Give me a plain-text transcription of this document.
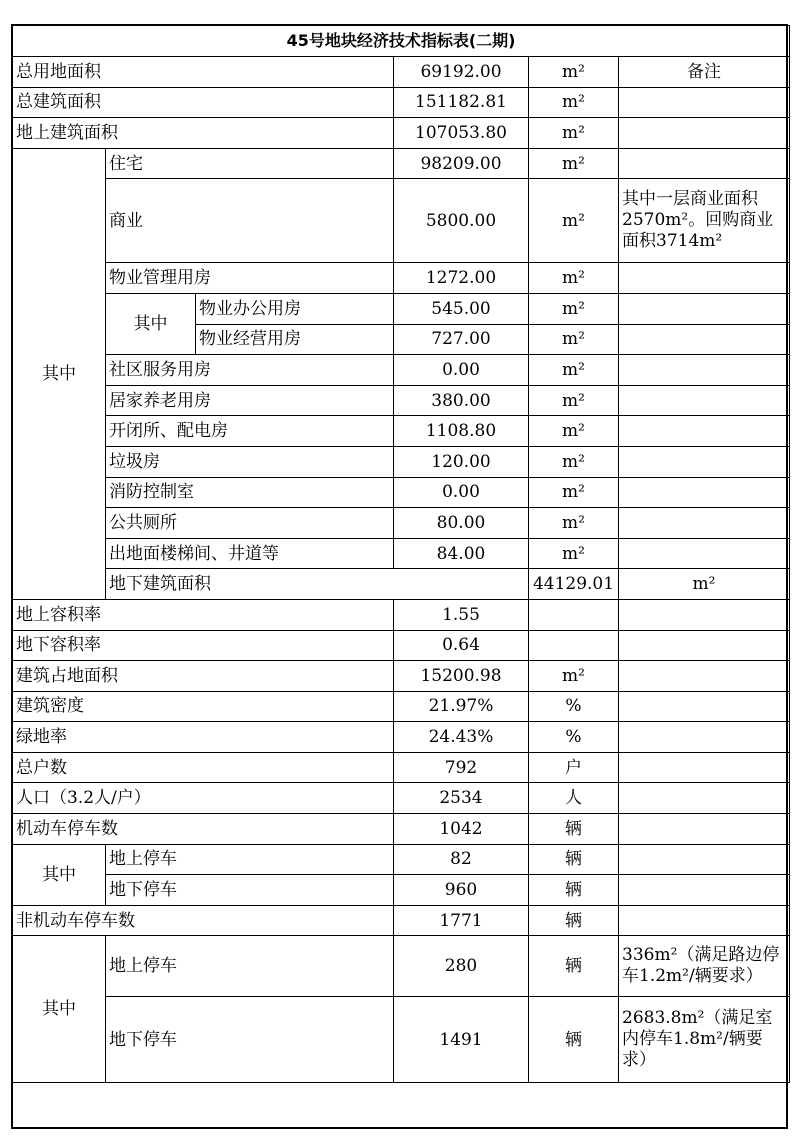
45号地块经济技术指标表(二期)						
总用地面积			69192.00	m²	备注	
总建筑面积			151182.81	m²		
地上建筑面积			107053.80	m²		
其中	住宅		98209.00	m²		
	商业		5800.00	m²	其中一层商业面积2570m²。回购商业面积3714m²	
	物业管理用房		1272.00	m²		
	其中	物业办公用房	545.00	m²		
		物业经营用房	727.00	m²		
	社区服务用房		0.00	m²		
	居家养老用房		380.00	m²		
	开闭所、配电房		1108.80	m²		
	垃圾房		120.00	m²		
	消防控制室		0.00	m²		
	公共厕所		80.00	m²		
	出地面楼梯间、井道等		84.00	m²		
	地下建筑面积			44129.01	m²	
地上容积率			1.55			
地下容积率			0.64			
建筑占地面积			15200.98	m²		
建筑密度			21.97%	%		
绿地率			24.43%	%		
总户数			792	户		
人口（3.2人/户）			2534	人		
机动车停车数			1042	辆		
其中	地上停车		82	辆		
	地下停车		960	辆		
非机动车停车数			1771	辆		
其中	地上停车		280	辆	336m²（满足路边停车1.2m²/辆要求）	
	地下停车		1491	辆	2683.8m²（满足室内停车1.8m²/辆要求）	
